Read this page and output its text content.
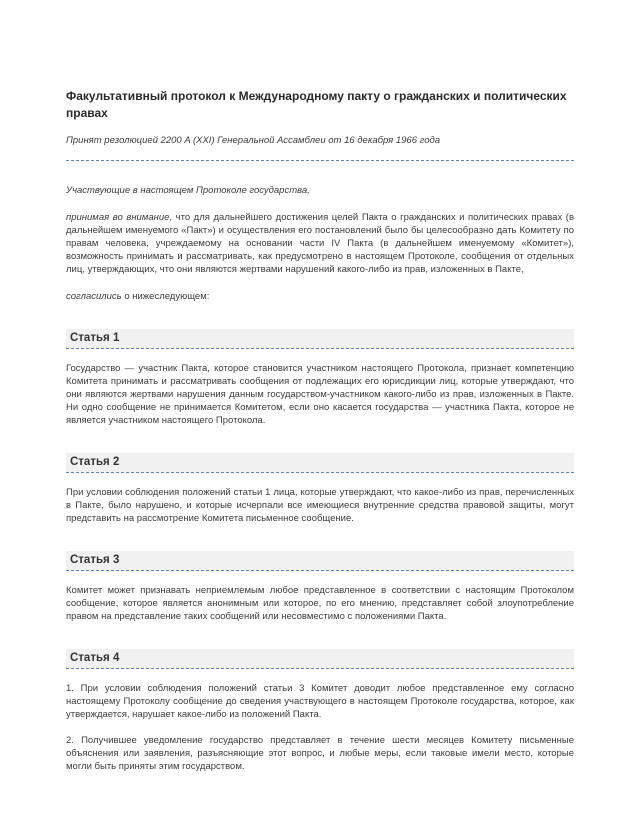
Факультативный протокол к Международному пакту о гражданских и политических правах

Принят резолюцией 2200 A (XXI) Генеральной Ассамблеи от 16 декабря 1966 года

Участвующие в настоящем Протоколе государства,

принимая во внимание, что для дальнейшего достижения целей Пакта о гражданских и политических правах (в дальнейшем именуемого «Пакт») и осуществления его постановлений было бы целесообразно дать Комитету по правам человека, учреждаемому на основании части IV Пакта (в дальнейшем именуемому «Комитет»), возможность принимать и рассматривать, как предусмотрено в настоящем Протоколе, сообщения от отдельных лиц, утверждающих, что они являются жертвами нарушений какого-либо из прав, изложенных в Пакте,

согласились о нижеследующем:

Статья 1

Государство — участник Пакта, которое становится участником настоящего Протокола, признает компетенцию Комитета принимать и рассматривать сообщения от подлежащих его юрисдикции лиц, которые утверждают, что они являются жертвами нарушения данным государством-участником какого-либо из прав, изложенных в Пакте. Ни одно сообщение не принимается Комитетом, если оно касается государства — участника Пакта, которое не является участником настоящего Протокола.

Статья 2

При условии соблюдения положений статьи 1 лица, которые утверждают, что какое-либо из прав, перечисленных в Пакте, было нарушено, и которые исчерпали все имеющиеся внутренние средства правовой защиты, могут представить на рассмотрение Комитета письменное сообщение.

Статья 3

Комитет может признавать неприемлемым любое представленное в соответствии с настоящим Протоколом сообщение, которое является анонимным или которое, по его мнению, представляет собой злоупотребление правом на представление таких сообщений или несовместимо с положениями Пакта.

Статья 4

1. При условии соблюдения положений статьи 3 Комитет доводит любое представленное ему согласно настоящему Протоколу сообщение до сведения участвующего в настоящем Протоколе государства, которое, как утверждается, нарушает какое-либо из положений Пакта.

2. Получившее уведомление государство представляет в течение шести месяцев Комитету письменные объяснения или заявления, разъясняющие этот вопрос, и любые меры, если таковые имели место, которые могли быть приняты этим государством.
